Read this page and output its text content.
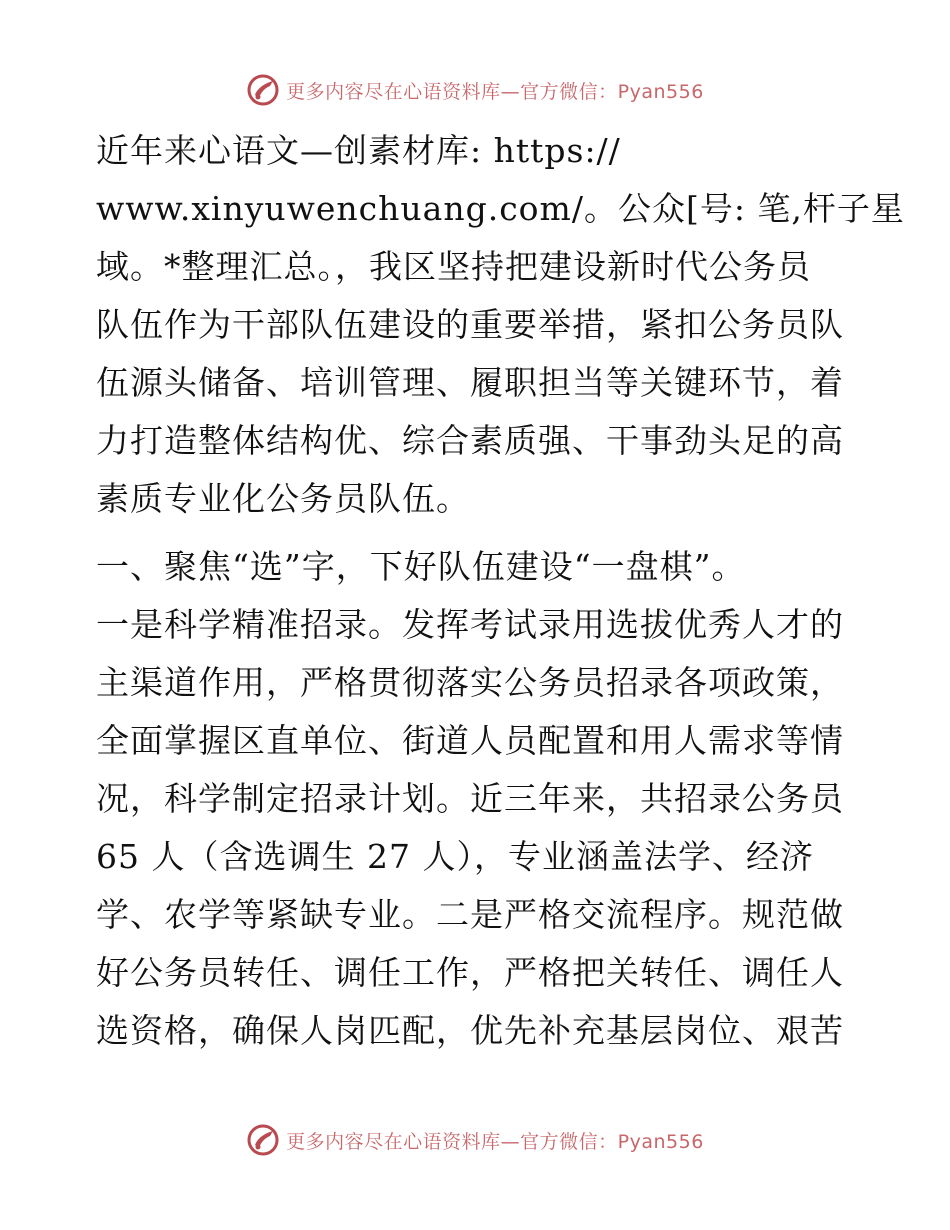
更多内容尽在心语资料库—官方微信：Pyan556
近年来心语文—创素材库: https://
www.xinyuwenchuang.com/。公众[号: 笔,杆子星
域。*整理汇总。，我区坚持把建设新时代公务员
队伍作为干部队伍建设的重要举措，紧扣公务员队
伍源头储备、培训管理、履职担当等关键环节，着
力打造整体结构优、综合素质强、干事劲头足的高
素质专业化公务员队伍。
一、聚焦“选”字，下好队伍建设“一盘棋”。
一是科学精准招录。发挥考试录用选拔优秀人才的
主渠道作用，严格贯彻落实公务员招录各项政策，
全面掌握区直单位、街道人员配置和用人需求等情
况，科学制定招录计划。近三年来，共招录公务员
65 人（含选调生 27 人），专业涵盖法学、经济
学、农学等紧缺专业。二是严格交流程序。规范做
好公务员转任、调任工作，严格把关转任、调任人
选资格，确保人岗匹配，优先补充基层岗位、艰苦
更多内容尽在心语资料库—官方微信：Pyan556
